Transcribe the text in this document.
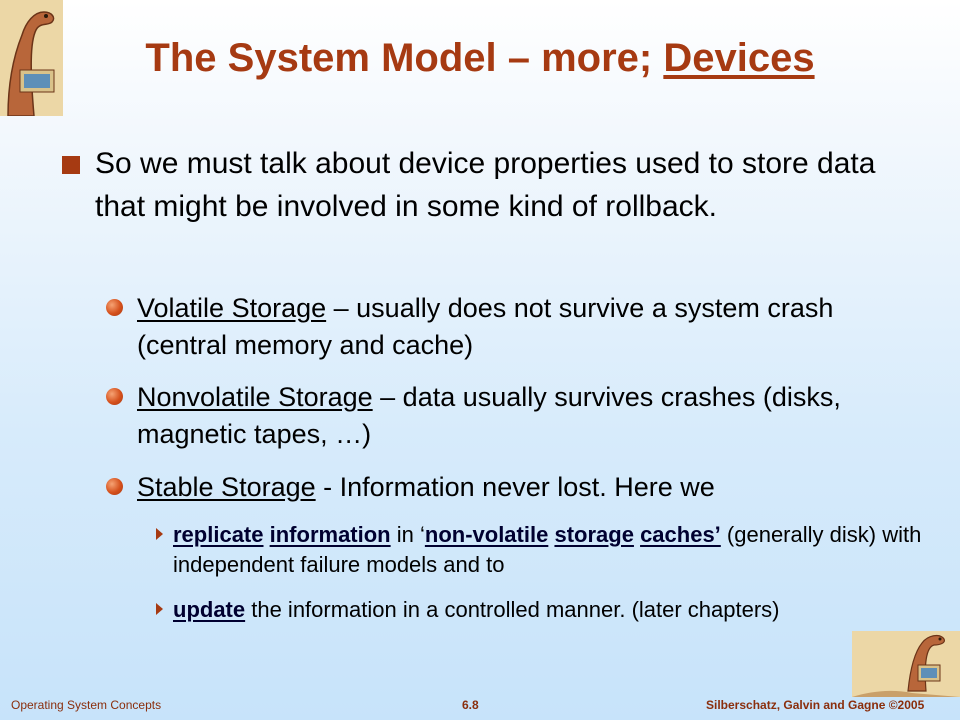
The System Model – more; Devices
So we must talk about device properties used to store data that might be involved in some kind of rollback.
Volatile Storage – usually does not survive a system crash (central memory and cache)
Nonvolatile Storage – data usually survives crashes (disks, magnetic tapes, …)
Stable Storage - Information never lost. Here we
replicate information in ‘non-volatile storage caches’ (generally disk) with independent failure models and to
update the information in a controlled manner. (later chapters)
Operating System Concepts	6.8	Silberschatz, Galvin and Gagne ©2005
